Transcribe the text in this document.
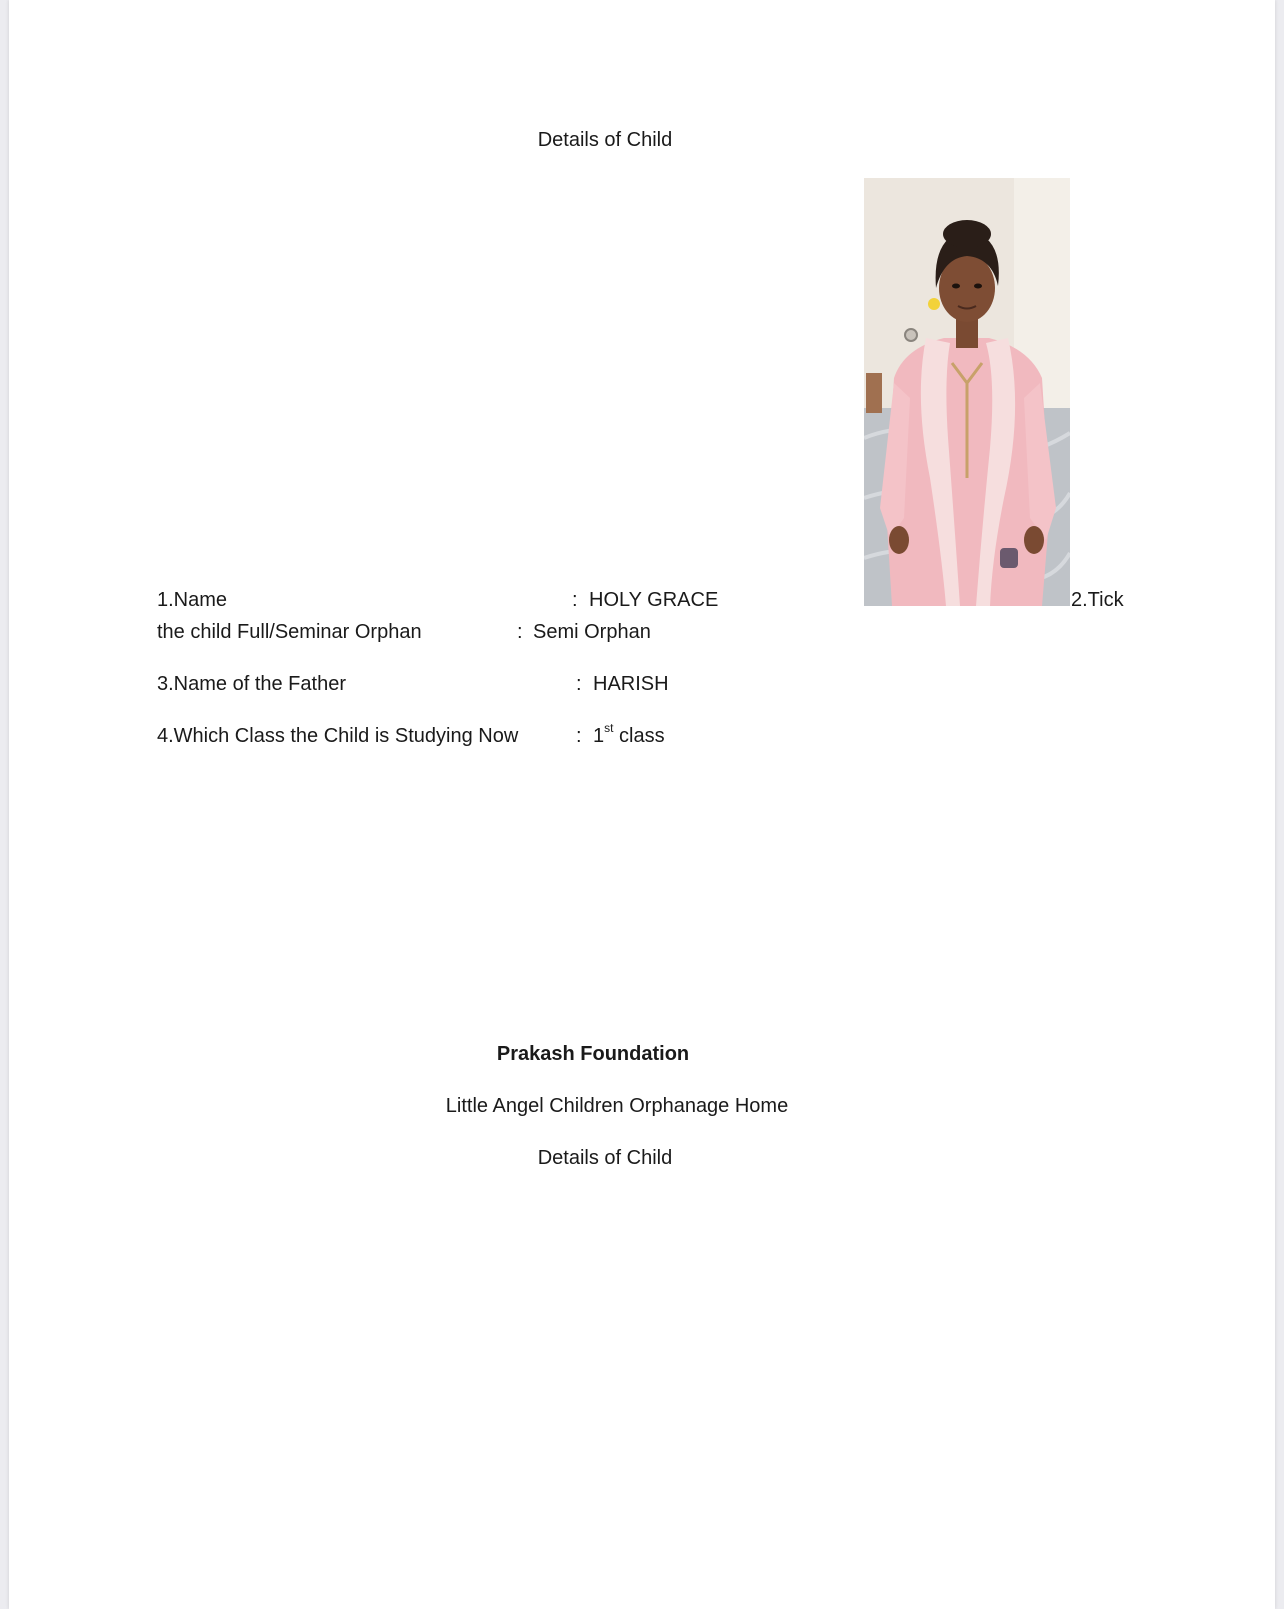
Details of Child
1.Name	: HOLY GRACE	2.Tick
the child Full/Seminar Orphan	: Semi Orphan
3.Name of the Father	: HARISH
4.Which Class the Child is Studying Now	: 1st class
Prakash Foundation
Little Angel Children Orphanage Home
Details of Child
